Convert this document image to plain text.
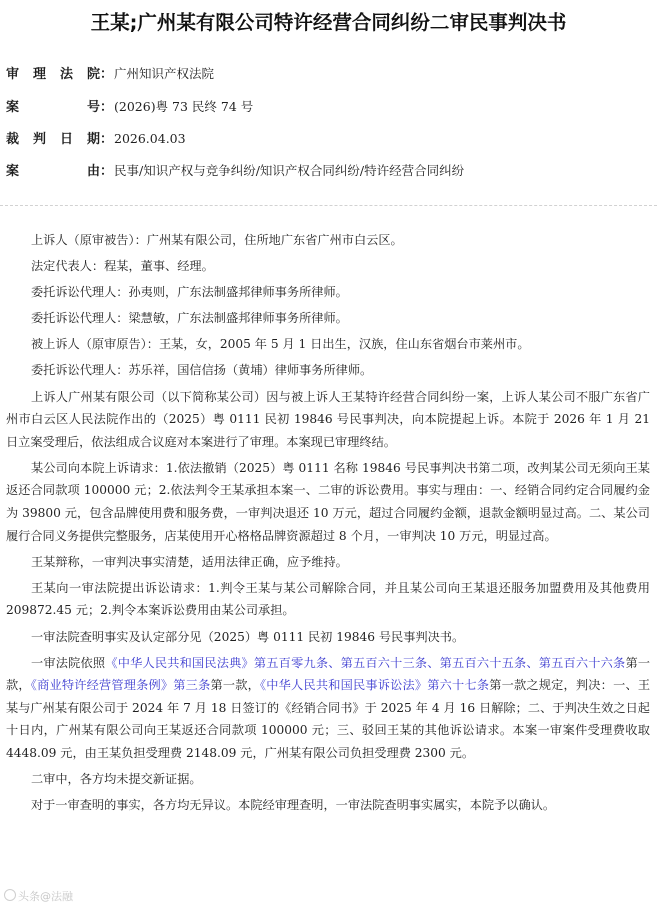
王某;广州某有限公司特许经营合同纠纷二审民事判决书
审 理 法 院：广州知识产权法院
案	号：(2026)粤 73 民终 74 号
裁 判 日 期：2026.04.03
案	由：民事/知识产权与竞争纠纷/知识产权合同纠纷/特许经营合同纠纷

上诉人（原审被告）：广州某有限公司，住所地广东省广州市白云区。

法定代表人：程某，董事、经理。

委托诉讼代理人：孙夷则，广东法制盛邦律师事务所律师。

委托诉讼代理人：梁慧敏，广东法制盛邦律师事务所律师。

被上诉人（原审原告）：王某，女，2005 年 5 月 1 日出生，汉族，住山东省烟台市莱州市。

委托诉讼代理人：苏乐祥，国信信扬（黄埔）律师事务所律师。

上诉人广州某有限公司（以下简称某公司）因与被上诉人王某特许经营合同纠纷一案，上诉人某公司不服广东省广州市白云区人民法院作出的（2025）粤 0111 民初 19846 号民事判决，向本院提起上诉。本院于 2026 年 1 月 21 日立案受理后，依法组成合议庭对本案进行了审理。本案现已审理终结。

某公司向本院上诉请求：1.依法撤销（2025）粤 0111 名称 19846 号民事判决书第二项，改判某公司无须向王某返还合同款项 100000 元；2.依法判令王某承担本案一、二审的诉讼费用。事实与理由：一、经销合同约定合同履约金为 39800 元，包含品牌使用费和服务费，一审判决退还 10 万元，超过合同履约金额，退款金额明显过高。二、某公司履行合同义务提供完整服务，店某使用开心格格品牌资源超过 8 个月，一审判决 10 万元，明显过高。

王某辩称，一审判决事实清楚，适用法律正确，应予维持。

王某向一审法院提出诉讼请求：1.判令王某与某公司解除合同，并且某公司向王某退还服务加盟费用及其他费用 209872.45 元；2.判令本案诉讼费用由某公司承担。

一审法院查明事实及认定部分见（2025）粤 0111 民初 19846 号民事判决书。

一审法院依照《中华人民共和国民法典》第五百零九条、第五百六十三条、第五百六十五条、第五百六十六条第一款，《商业特许经营管理条例》第三条第一款，《中华人民共和国民事诉讼法》第六十七条第一款之规定，判决：一、王某与广州某有限公司于 2024 年 7 月 18 日签订的《经销合同书》于 2025 年 4 月 16 日解除；二、于判决生效之日起十日内，广州某有限公司向王某返还合同款项 100000 元；三、驳回王某的其他诉讼请求。本案一审案件受理费收取 4448.09 元，由王某负担受理费 2148.09 元，广州某有限公司负担受理费 2300 元。

二审中，各方均未提交新证据。

对于一审查明的事实，各方均无异议。本院经审理查明，一审法院查明事实属实，本院予以确认。

头条@法融
